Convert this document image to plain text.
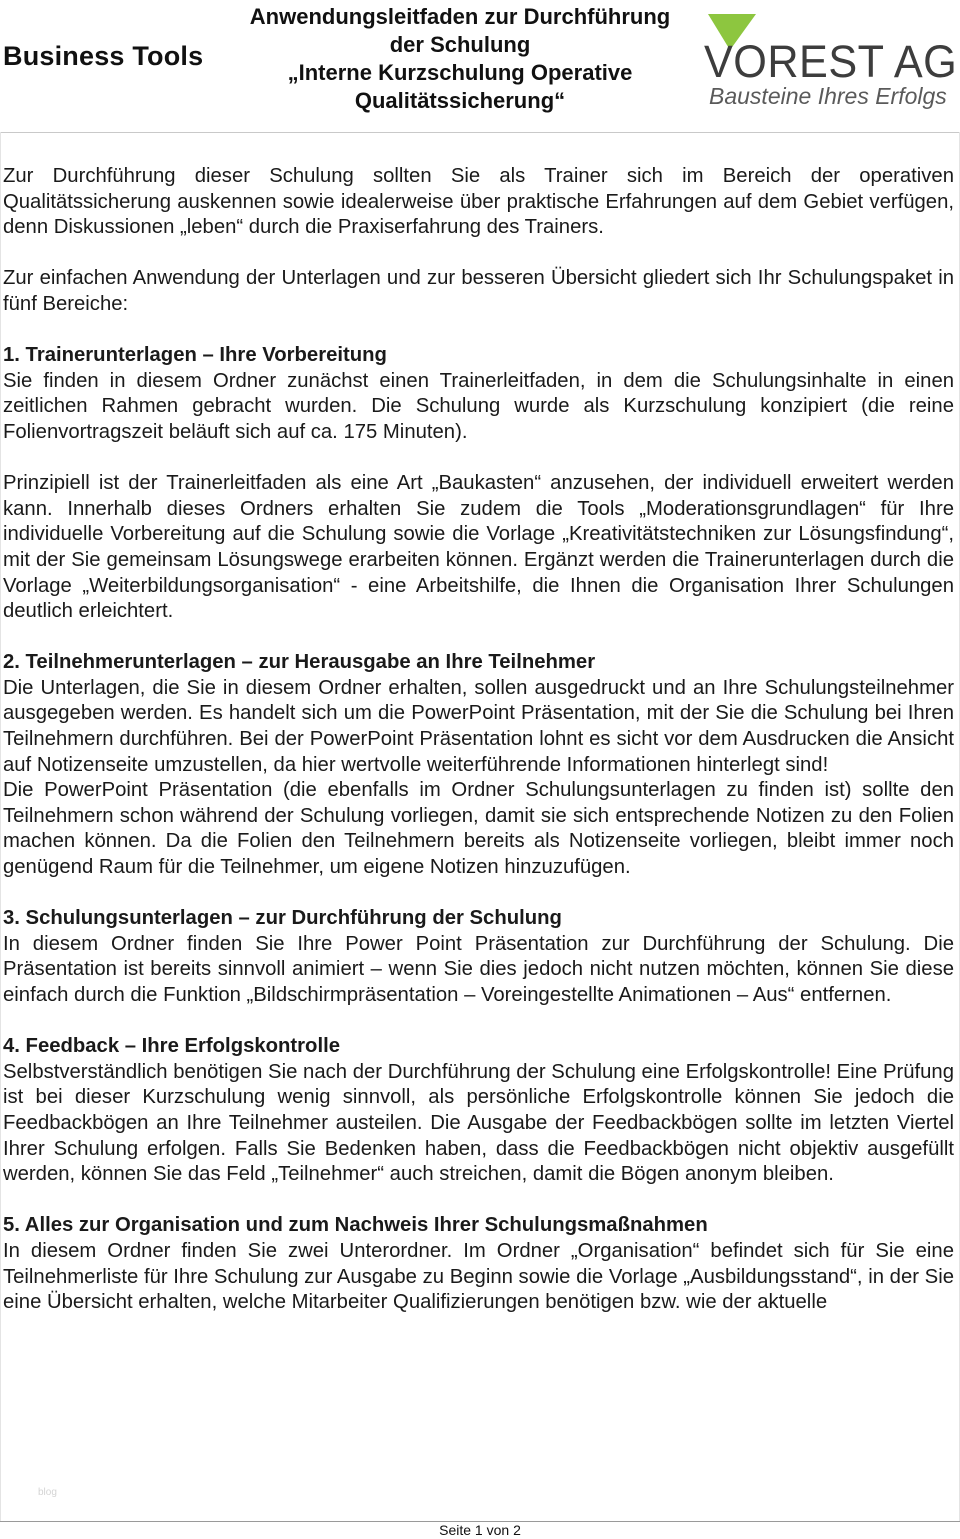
Business Tools
Anwendungsleitfaden zur Durchführung
der Schulung
„Interne Kurzschulung Operative
Qualitätssicherung“
VOREST AG
Bausteine Ihres Erfolgs

Zur Durchführung dieser Schulung sollten Sie als Trainer sich im Bereich der operativen Qualitätssicherung auskennen sowie idealerweise über praktische Erfahrungen auf dem Gebiet verfügen, denn Diskussionen „leben“ durch die Praxiserfahrung des Trainers.

Zur einfachen Anwendung der Unterlagen und zur besseren Übersicht gliedert sich Ihr Schulungspaket in fünf Bereiche:

1. Trainerunterlagen – Ihre Vorbereitung

Sie finden in diesem Ordner zunächst einen Trainerleitfaden, in dem die Schulungsinhalte in einen zeitlichen Rahmen gebracht wurden. Die Schulung wurde als Kurzschulung konzipiert (die reine Folienvortragszeit beläuft sich auf ca. 175 Minuten).

Prinzipiell ist der Trainerleitfaden als eine Art „Baukasten“ anzusehen, der individuell erweitert werden kann. Innerhalb dieses Ordners erhalten Sie zudem die Tools „Moderationsgrundlagen“ für Ihre individuelle Vorbereitung auf die Schulung sowie die Vorlage „Kreativitätstechniken zur Lösungsfindung“, mit der Sie gemeinsam Lösungswege erarbeiten können. Ergänzt werden die Trainerunterlagen durch die Vorlage „Weiterbildungsorganisation“ - eine Arbeitshilfe, die Ihnen die Organisation Ihrer Schulungen deutlich erleichtert.

2. Teilnehmerunterlagen – zur Herausgabe an Ihre Teilnehmer

Die Unterlagen, die Sie in diesem Ordner erhalten, sollen ausgedruckt und an Ihre Schulungsteilnehmer ausgegeben werden. Es handelt sich um die PowerPoint Präsentation, mit der Sie die Schulung bei Ihren Teilnehmern durchführen. Bei der PowerPoint Präsentation lohnt es sicht vor dem Ausdrucken die Ansicht auf Notizenseite umzustellen, da hier wertvolle weiterführende Informationen hinterlegt sind!

Die PowerPoint Präsentation (die ebenfalls im Ordner Schulungsunterlagen zu finden ist) sollte den Teilnehmern schon während der Schulung vorliegen, damit sie sich entsprechende Notizen zu den Folien machen können. Da die Folien den Teilnehmern bereits als Notizenseite vorliegen, bleibt immer noch genügend Raum für die Teilnehmer, um eigene Notizen hinzuzufügen.

3. Schulungsunterlagen – zur Durchführung der Schulung

In diesem Ordner finden Sie Ihre Power Point Präsentation zur Durchführung der Schulung. Die Präsentation ist bereits sinnvoll animiert – wenn Sie dies jedoch nicht nutzen möchten, können Sie diese einfach durch die Funktion „Bildschirmpräsentation – Voreingestellte Animationen – Aus“ entfernen.

4. Feedback – Ihre Erfolgskontrolle

Selbstverständlich benötigen Sie nach der Durchführung der Schulung eine Erfolgskontrolle! Eine Prüfung ist bei dieser Kurzschulung wenig sinnvoll, als persönliche Erfolgskontrolle können Sie jedoch die Feedbackbögen an Ihre Teilnehmer austeilen. Die Ausgabe der Feedbackbögen sollte im letzten Viertel Ihrer Schulung erfolgen. Falls Sie Bedenken haben, dass die Feedbackbögen nicht objektiv ausgefüllt werden, können Sie das Feld „Teilnehmer“ auch streichen, damit die Bögen anonym bleiben.

5. Alles zur Organisation und zum Nachweis Ihrer Schulungsmaßnahmen

In diesem Ordner finden Sie zwei Unterordner. Im Ordner „Organisation“ befindet sich für Sie eine Teilnehmerliste für Ihre Schulung zur Ausgabe zu Beginn sowie die Vorlage „Ausbildungsstand“, in der Sie eine Übersicht erhalten, welche Mitarbeiter Qualifizierungen benötigen bzw. wie der aktuelle

blog
Seite 1 von 2
